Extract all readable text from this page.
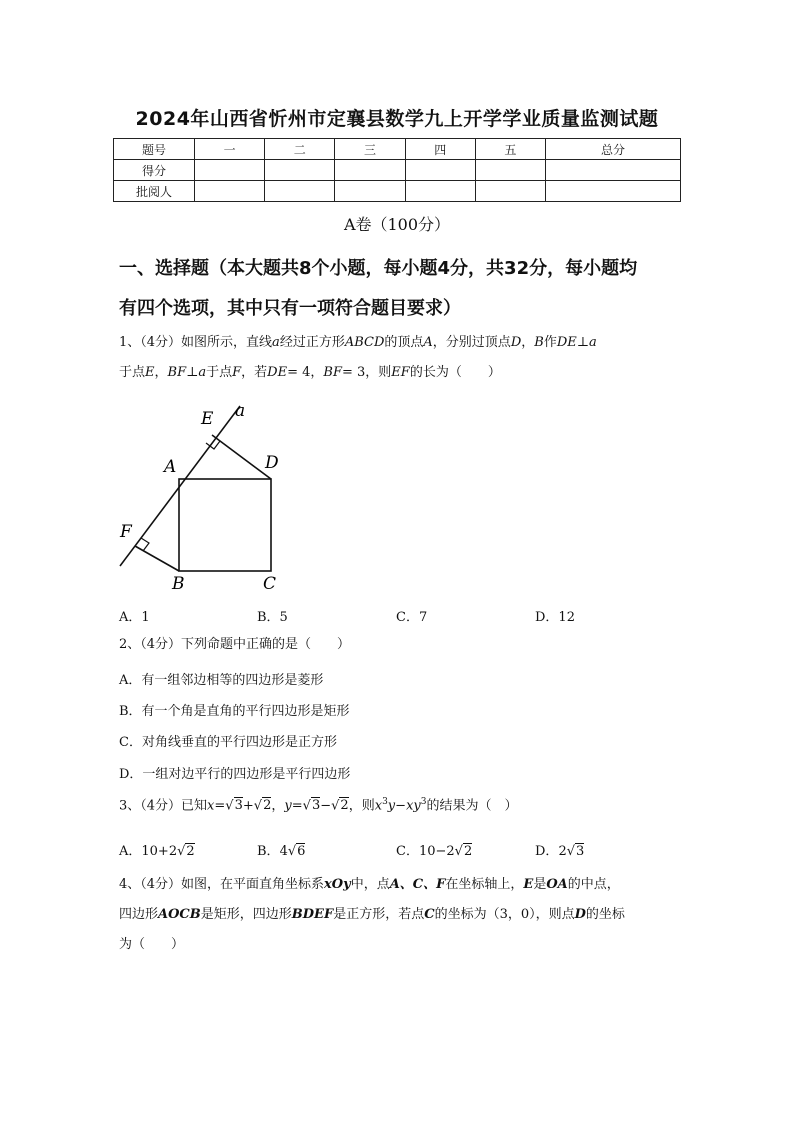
2024年山西省忻州市定襄县数学九上开学学业质量监测试题
题号	一	二	三	四	五	总分
得分						
批阅人						
A卷（100分）
一、选择题（本大题共8个小题，每小题4分，共32分，每小题均
有四个选项，其中只有一项符合题目要求）
1、（4分）如图所示，直线a经过正方形ABCD的顶点A，分别过顶点D，B作DE⊥a
于点E，BF⊥a于点F，若DE= 4，BF= 3，则EF的长为（　　）
a
E
A	D
F
B	C
A．1	B．5	C．7	D．12
2、（4分）下列命题中正确的是（　　）
A．有一组邻边相等的四边形是菱形
B．有一个角是直角的平行四边形是矩形
C．对角线垂直的平行四边形是正方形
D．一组对边平行的四边形是平行四边形
3、（4分）已知x=√3+√2，y=√3−√2，则$x^3y-xy^3$的结果为（　）
A．10+2√2	B．4√6	C．10−2√2	D．2√3
4、（4分）如图，在平面直角坐标系xOy中，点A、C、F在坐标轴上，E是OA的中点，
四边形AOCB是矩形，四边形BDEF是正方形，若点C的坐标为（3，0），则点D的坐标
为（　　）
